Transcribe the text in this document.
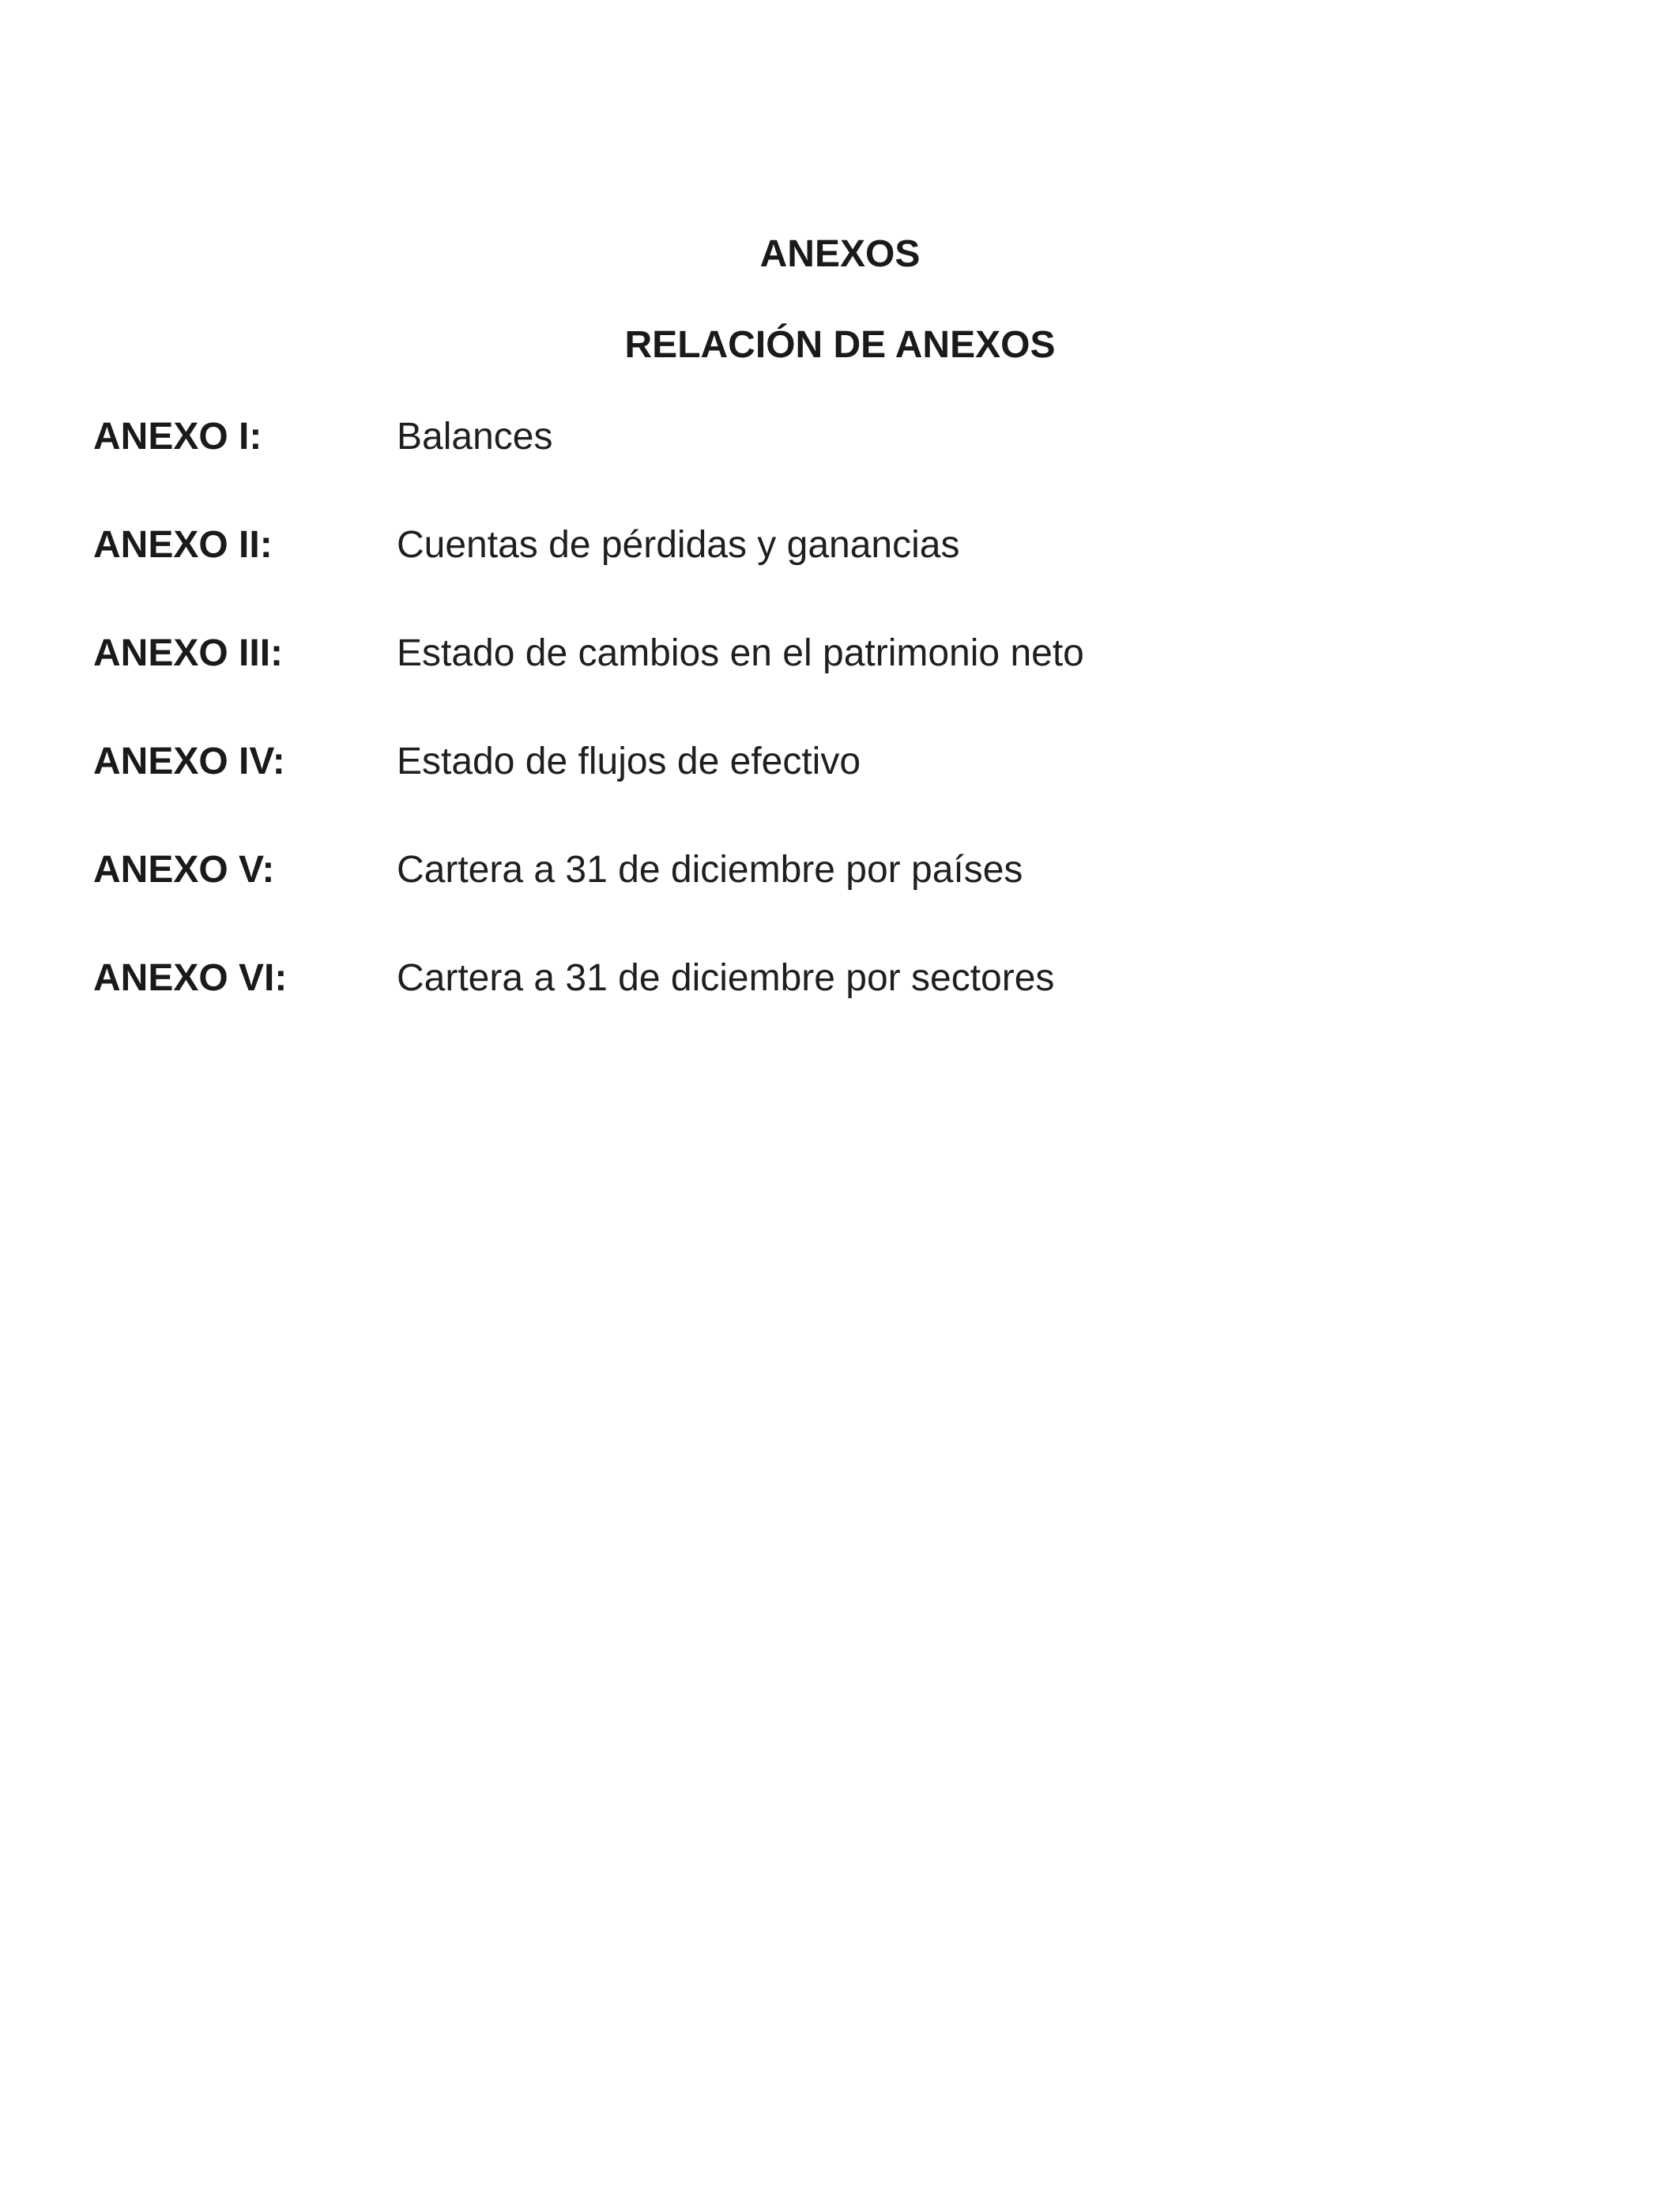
ANEXOS
RELACIÓN DE ANEXOS
ANEXO I:	Balances
ANEXO II:	Cuentas de pérdidas y ganancias
ANEXO III:	Estado de cambios en el patrimonio neto
ANEXO IV:	Estado de flujos de efectivo
ANEXO V:	Cartera a 31 de diciembre por países
ANEXO VI:	Cartera a 31 de diciembre por sectores
